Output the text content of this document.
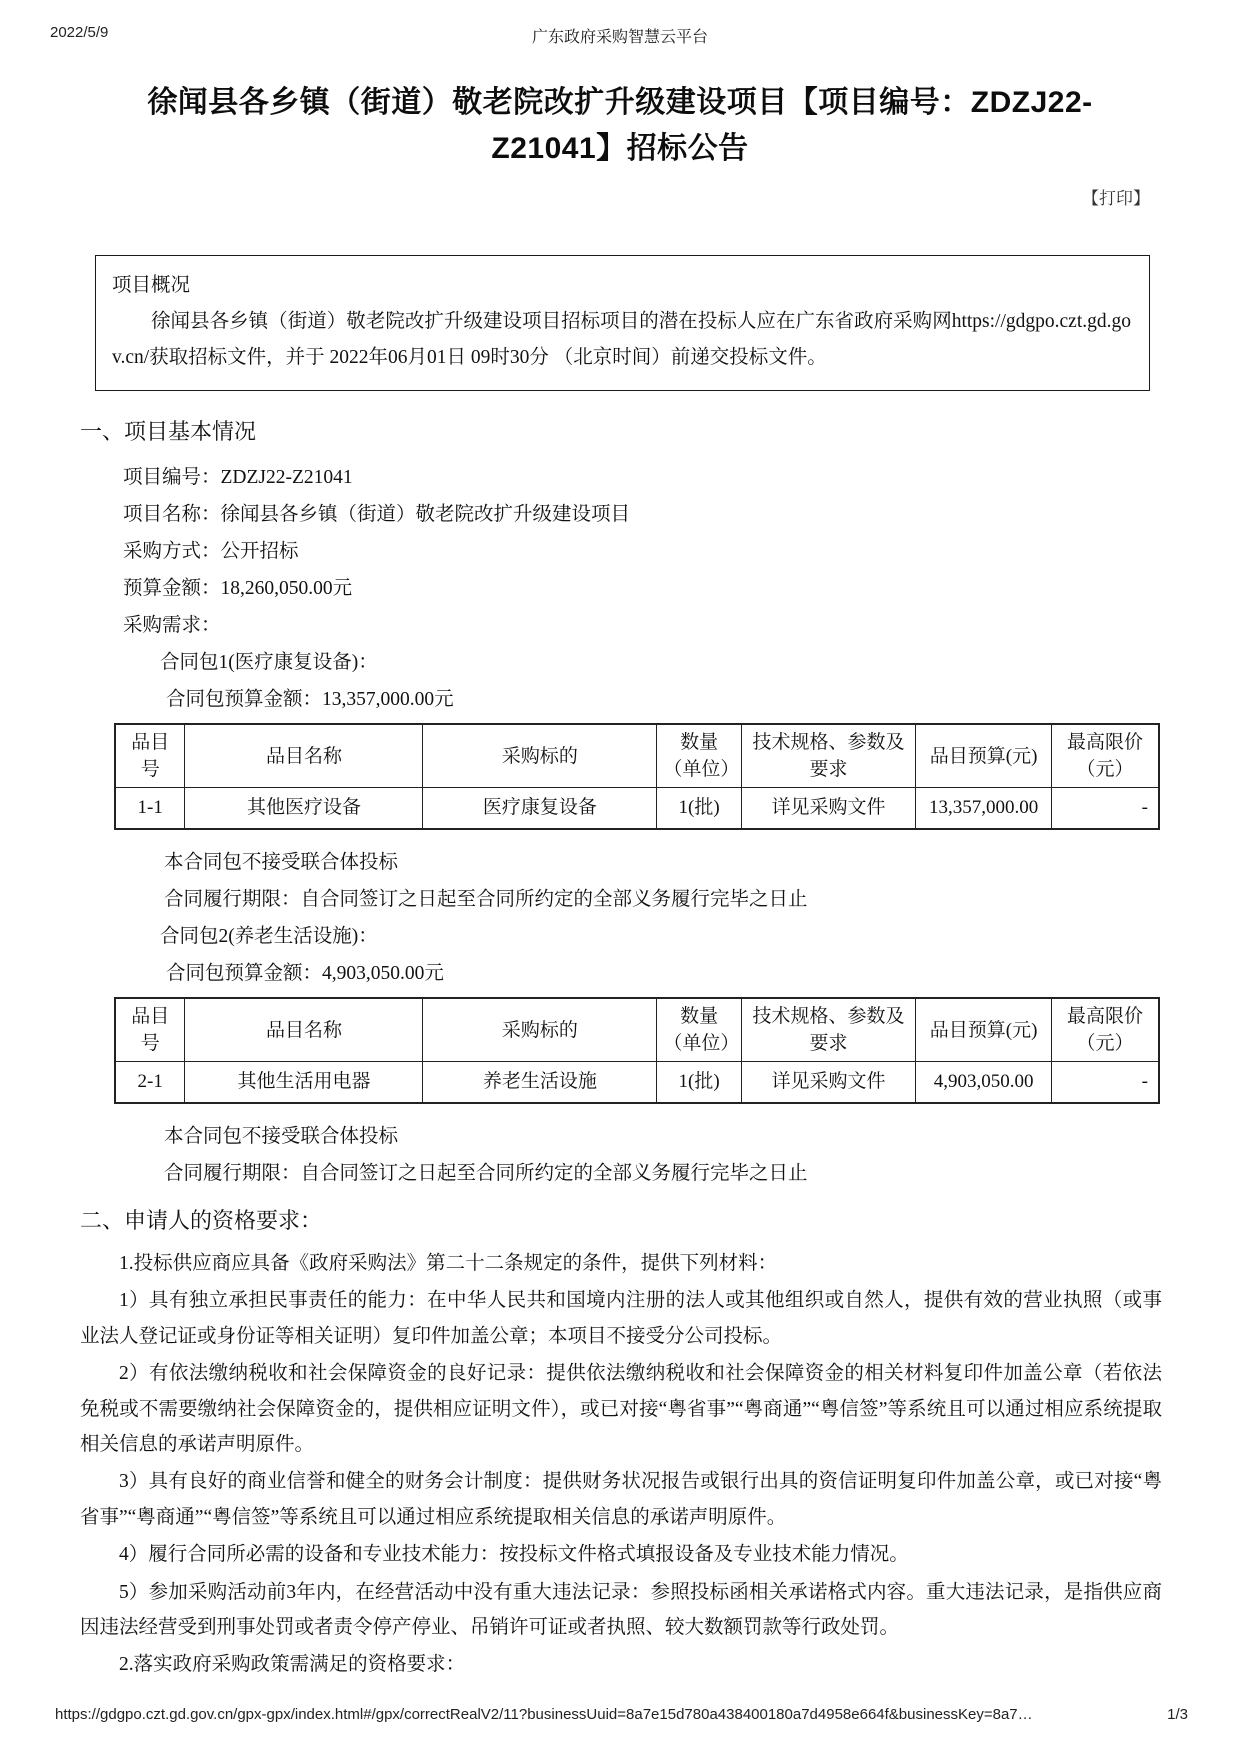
2022/5/9	广东政府采购智慧云平台
徐闻县各乡镇（街道）敬老院改扩升级建设项目【项目编号：ZDZJ22-Z21041】招标公告
【打印】
项目概况

徐闻县各乡镇（街道）敬老院改扩升级建设项目招标项目的潜在投标人应在广东省政府采购网https://gdgpo.czt.gd.gov.cn/获取招标文件，并于 2022年06月01日 09时30分 （北京时间）前递交投标文件。

一、项目基本情况
项目编号：ZDZJ22-Z21041
项目名称：徐闻县各乡镇（街道）敬老院改扩升级建设项目
采购方式：公开招标
预算金额：18,260,050.00元
采购需求：
合同包1(医疗康复设备)：
合同包预算金额：13,357,000.00元
品目号	品目名称	采购标的	数量（单位）	技术规格、参数及要求	品目预算(元)	最高限价（元）
1-1	其他医疗设备	医疗康复设备	1(批)	详见采购文件	13,357,000.00	-
本合同包不接受联合体投标
合同履行期限：自合同签订之日起至合同所约定的全部义务履行完毕之日止
合同包2(养老生活设施)：
合同包预算金额：4,903,050.00元
品目号	品目名称	采购标的	数量（单位）	技术规格、参数及要求	品目预算(元)	最高限价（元）
2-1	其他生活用电器	养老生活设施	1(批)	详见采购文件	4,903,050.00	-
本合同包不接受联合体投标
合同履行期限：自合同签订之日起至合同所约定的全部义务履行完毕之日止
二、申请人的资格要求：

1.投标供应商应具备《政府采购法》第二十二条规定的条件，提供下列材料：

1）具有独立承担民事责任的能力：在中华人民共和国境内注册的法人或其他组织或自然人，提供有效的营业执照（或事业法人登记证或身份证等相关证明）复印件加盖公章；本项目不接受分公司投标。

2）有依法缴纳税收和社会保障资金的良好记录：提供依法缴纳税收和社会保障资金的相关材料复印件加盖公章（若依法免税或不需要缴纳社会保障资金的，提供相应证明文件），或已对接“粤省事”“粤商通”“粤信签”等系统且可以通过相应系统提取相关信息的承诺声明原件。

3）具有良好的商业信誉和健全的财务会计制度：提供财务状况报告或银行出具的资信证明复印件加盖公章，或已对接“粤省事”“粤商通”“粤信签”等系统且可以通过相应系统提取相关信息的承诺声明原件。

4）履行合同所必需的设备和专业技术能力：按投标文件格式填报设备及专业技术能力情况。

5）参加采购活动前3年内，在经营活动中没有重大违法记录：参照投标函相关承诺格式内容。重大违法记录，是指供应商因违法经营受到刑事处罚或者责令停产停业、吊销许可证或者执照、较大数额罚款等行政处罚。

2.落实政府采购政策需满足的资格要求：

https://gdgpo.czt.gd.gov.cn/gpx-gpx/index.html#/gpx/correctRealV2/11?businessUuid=8a7e15d780a438400180a7d4958e664f&businessKey=8a7…	1/3
